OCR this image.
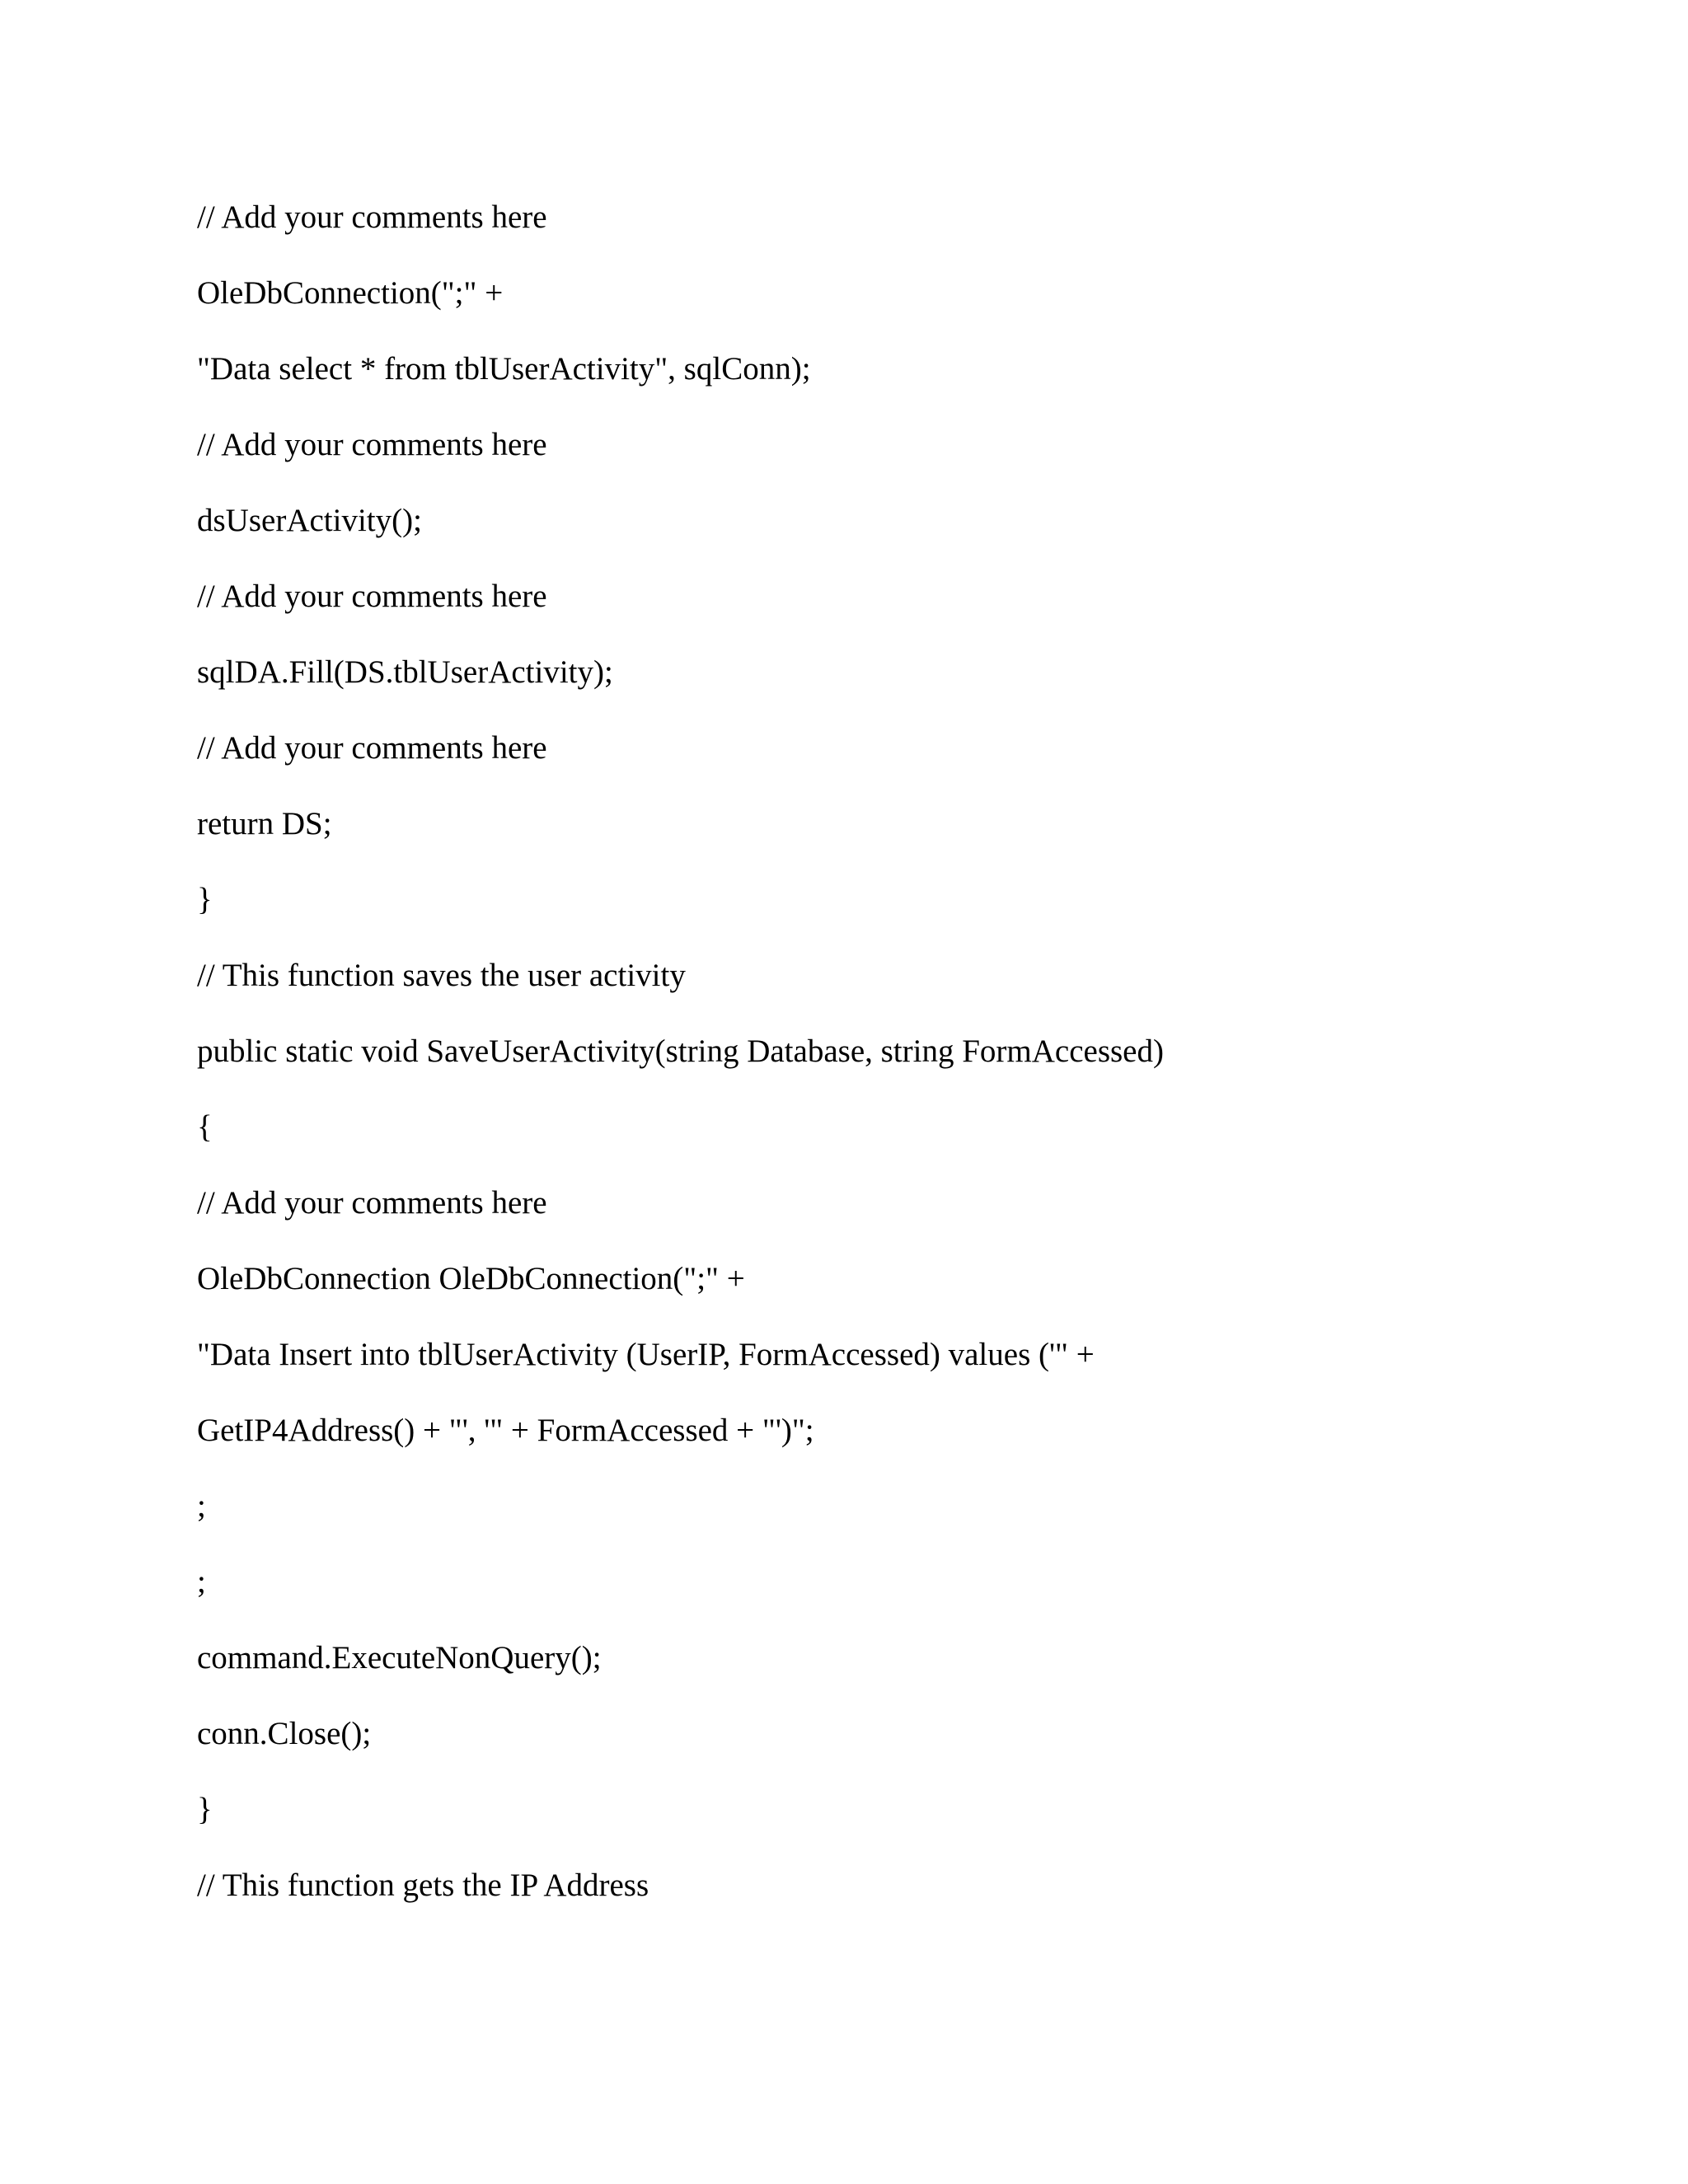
// Add your comments here
OleDbConnection(";" +
"Data select * from tblUserActivity", sqlConn);
// Add your comments here
dsUserActivity();
// Add your comments here
sqlDA.Fill(DS.tblUserActivity);
// Add your comments here
return DS;
}
// This function saves the user activity
public static void SaveUserActivity(string Database, string FormAccessed)
{
// Add your comments here
OleDbConnection OleDbConnection(";" +
"Data Insert into tblUserActivity (UserIP, FormAccessed) values ('" +
GetIP4Address() + "', '" + FormAccessed + "')";
;
;
command.ExecuteNonQuery();
conn.Close();
}
// This function gets the IP Address
